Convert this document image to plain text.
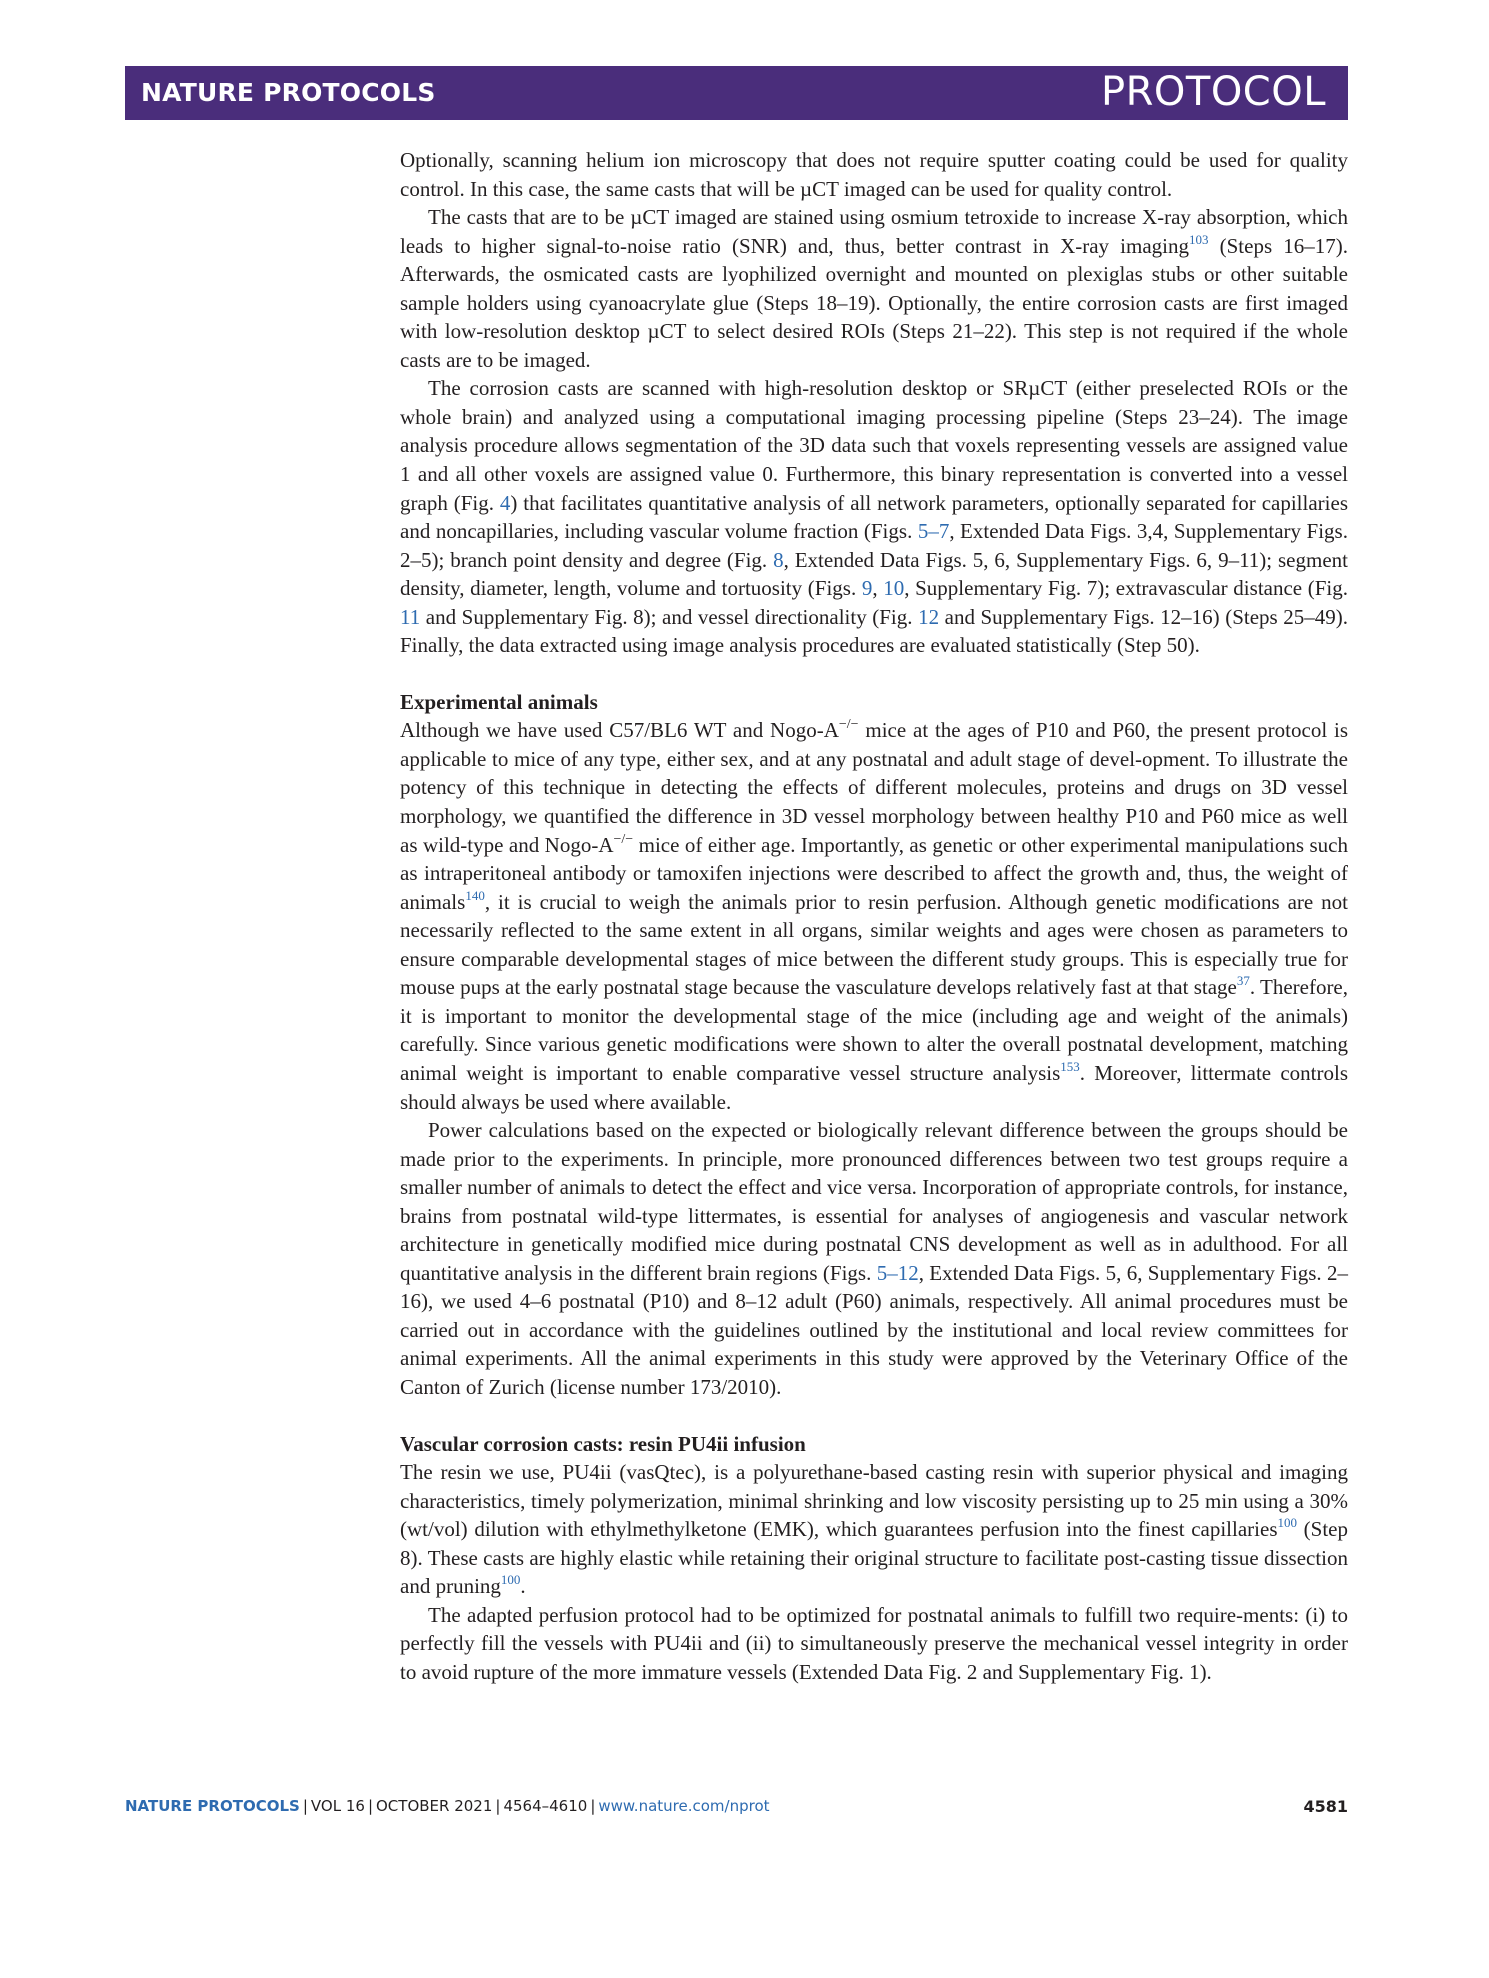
NATURE PROTOCOLS	PROTOCOL

Optionally, scanning helium ion microscopy that does not require sputter coating could be used for quality control. In this case, the same casts that will be µCT imaged can be used for quality control.

The casts that are to be µCT imaged are stained using osmium tetroxide to increase X-ray absorption, which leads to higher signal-to-noise ratio (SNR) and, thus, better contrast in X-ray imaging$^{103}$ (Steps 16–17). Afterwards, the osmicated casts are lyophilized overnight and mounted on plexiglas stubs or other suitable sample holders using cyanoacrylate glue (Steps 18–19). Optionally, the entire corrosion casts are first imaged with low-resolution desktop µCT to select desired ROIs (Steps 21–22). This step is not required if the whole casts are to be imaged.

The corrosion casts are scanned with high-resolution desktop or SRµCT (either preselected ROIs or the whole brain) and analyzed using a computational imaging processing pipeline (Steps 23–24). The image analysis procedure allows segmentation of the 3D data such that voxels representing vessels are assigned value 1 and all other voxels are assigned value 0. Furthermore, this binary representation is converted into a vessel graph (Fig. 4) that facilitates quantitative analysis of all network parameters, optionally separated for capillaries and noncapillaries, including vascular volume fraction (Figs. 5–7, Extended Data Figs. 3,4, Supplementary Figs. 2–5); branch point density and degree (Fig. 8, Extended Data Figs. 5, 6, Supplementary Figs. 6, 9–11); segment density, diameter, length, volume and tortuosity (Figs. 9, 10, Supplementary Fig. 7); extravascular distance (Fig. 11 and Supplementary Fig. 8); and vessel directionality (Fig. 12 and Supplementary Figs. 12–16) (Steps 25–49). Finally, the data extracted using image analysis procedures are evaluated statistically (Step 50).

Experimental animals

Although we have used C57/BL6 WT and Nogo-A−/− mice at the ages of P10 and P60, the present protocol is applicable to mice of any type, either sex, and at any postnatal and adult stage of devel-opment. To illustrate the potency of this technique in detecting the effects of different molecules, proteins and drugs on 3D vessel morphology, we quantified the difference in 3D vessel morphology between healthy P10 and P60 mice as well as wild-type and Nogo-A−/− mice of either age. Importantly, as genetic or other experimental manipulations such as intraperitoneal antibody or tamoxifen injections were described to affect the growth and, thus, the weight of animals$^{140}$, it is crucial to weigh the animals prior to resin perfusion. Although genetic modifications are not necessarily reflected to the same extent in all organs, similar weights and ages were chosen as parameters to ensure comparable developmental stages of mice between the different study groups. This is especially true for mouse pups at the early postnatal stage because the vasculature develops relatively fast at that stage$^{37}$. Therefore, it is important to monitor the developmental stage of the mice (including age and weight of the animals) carefully. Since various genetic modifications were shown to alter the overall postnatal development, matching animal weight is important to enable comparative vessel structure analysis$^{153}$. Moreover, littermate controls should always be used where available.

Power calculations based on the expected or biologically relevant difference between the groups should be made prior to the experiments. In principle, more pronounced differences between two test groups require a smaller number of animals to detect the effect and vice versa. Incorporation of appropriate controls, for instance, brains from postnatal wild-type littermates, is essential for analyses of angiogenesis and vascular network architecture in genetically modified mice during postnatal CNS development as well as in adulthood. For all quantitative analysis in the different brain regions (Figs. 5–12, Extended Data Figs. 5, 6, Supplementary Figs. 2–16), we used 4–6 postnatal (P10) and 8–12 adult (P60) animals, respectively. All animal procedures must be carried out in accordance with the guidelines outlined by the institutional and local review committees for animal experiments. All the animal experiments in this study were approved by the Veterinary Office of the Canton of Zurich (license number 173/2010).

Vascular corrosion casts: resin PU4ii infusion

The resin we use, PU4ii (vasQtec), is a polyurethane-based casting resin with superior physical and imaging characteristics, timely polymerization, minimal shrinking and low viscosity persisting up to 25 min using a 30% (wt/vol) dilution with ethylmethylketone (EMK), which guarantees perfusion into the finest capillaries$^{100}$ (Step 8). These casts are highly elastic while retaining their original structure to facilitate post-casting tissue dissection and pruning$^{100}$.

The adapted perfusion protocol had to be optimized for postnatal animals to fulfill two require-ments: (i) to perfectly fill the vessels with PU4ii and (ii) to simultaneously preserve the mechanical vessel integrity in order to avoid rupture of the more immature vessels (Extended Data Fig. 2 and Supplementary Fig. 1).

NATURE PROTOCOLS | VOL 16 | OCTOBER 2021 | 4564–4610 | www.nature.com/nprot	4581
